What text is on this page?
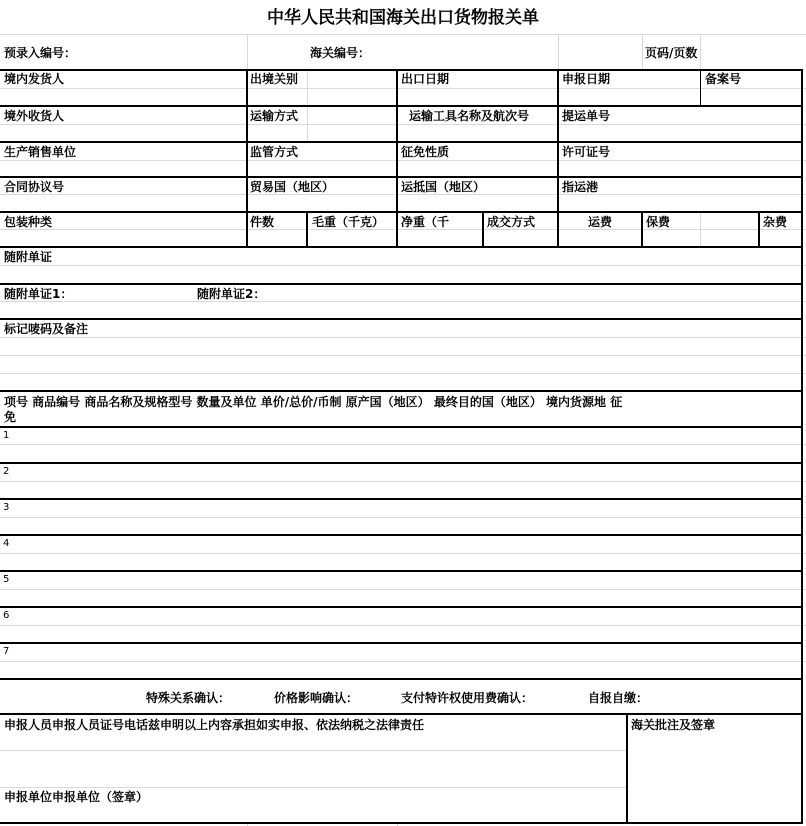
中华人民共和国海关出口货物报关单
预录入编号：	海关编号：	页码/页数
境内发货人	出境关别	出口日期	申报日期	备案号
境外收货人	运输方式	运输工具名称及航次号	提运单号
生产销售单位	监管方式	征免性质	许可证号
合同协议号	贸易国（地区）	运抵国（地区）	指运港
包装种类	件数	毛重（千克） 净重（千	成交方式	运费	保费	杂费
随附单证
随附单证1：	随附单证2：
标记唛码及备注
项号 商品编号 商品名称及规格型号 数量及单位 单价/总价/币制 原产国（地区） 最终目的国（地区） 境内货源地 征
免
1
2
3
4
5
6
7
特殊关系确认：	价格影响确认：	支付特许权使用费确认：	自报自缴：
申报人员申报人员证号电话兹申明以上内容承担如实申报、依法纳税之法律责任
申报单位申报单位（签章）
海关批注及签章
